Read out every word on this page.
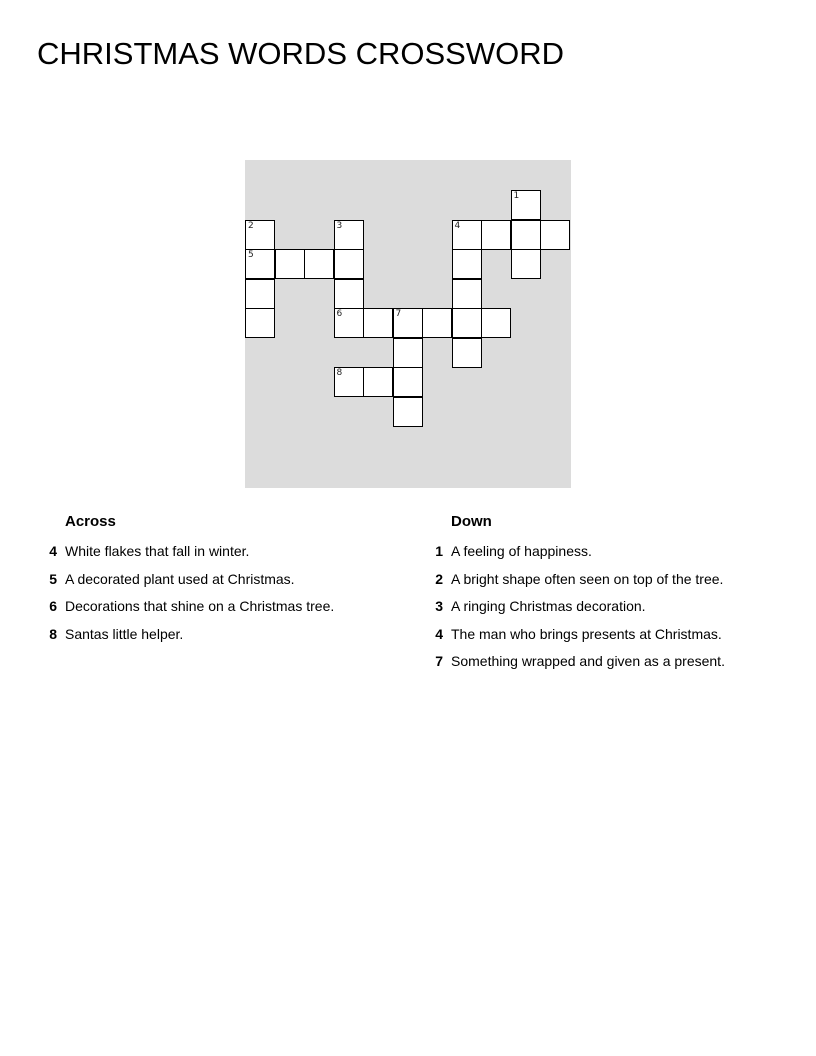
CHRISTMAS WORDS CROSSWORD
1
2	3	4
5
6	7
8
Across	Down
4 White flakes that fall in winter.
5 A decorated plant used at Christmas.
6 Decorations that shine on a Christmas tree.
8 Santas little helper.
1 A feeling of happiness.
2 A bright shape often seen on top of the tree.
3 A ringing Christmas decoration.
4 The man who brings presents at Christmas.
7 Something wrapped and given as a present.
